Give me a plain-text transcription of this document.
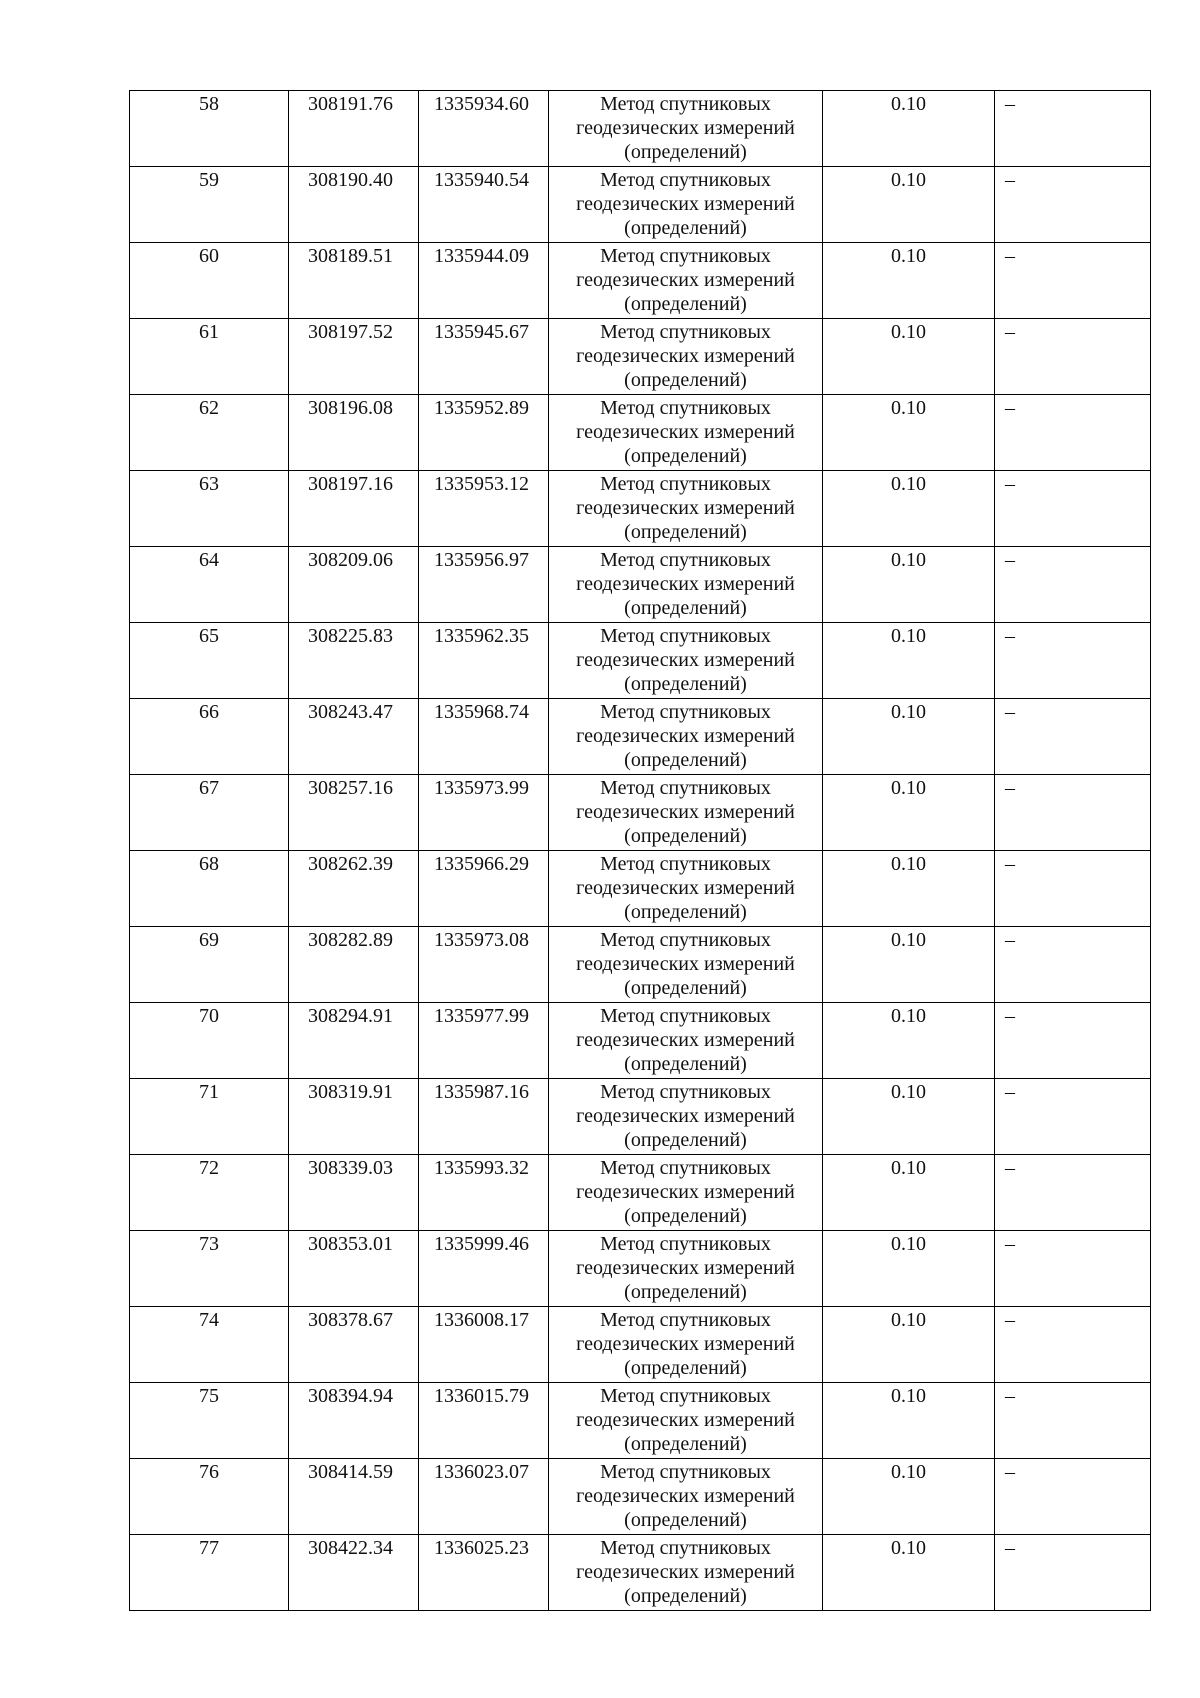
58	308191.76	1335934.60	Метод спутниковых
геодезических измерений
(определений)	0.10	–
59	308190.40	1335940.54	Метод спутниковых
геодезических измерений
(определений)	0.10	–
60	308189.51	1335944.09	Метод спутниковых
геодезических измерений
(определений)	0.10	–
61	308197.52	1335945.67	Метод спутниковых
геодезических измерений
(определений)	0.10	–
62	308196.08	1335952.89	Метод спутниковых
геодезических измерений
(определений)	0.10	–
63	308197.16	1335953.12	Метод спутниковых
геодезических измерений
(определений)	0.10	–
64	308209.06	1335956.97	Метод спутниковых
геодезических измерений
(определений)	0.10	–
65	308225.83	1335962.35	Метод спутниковых
геодезических измерений
(определений)	0.10	–
66	308243.47	1335968.74	Метод спутниковых
геодезических измерений
(определений)	0.10	–
67	308257.16	1335973.99	Метод спутниковых
геодезических измерений
(определений)	0.10	–
68	308262.39	1335966.29	Метод спутниковых
геодезических измерений
(определений)	0.10	–
69	308282.89	1335973.08	Метод спутниковых
геодезических измерений
(определений)	0.10	–
70	308294.91	1335977.99	Метод спутниковых
геодезических измерений
(определений)	0.10	–
71	308319.91	1335987.16	Метод спутниковых
геодезических измерений
(определений)	0.10	–
72	308339.03	1335993.32	Метод спутниковых
геодезических измерений
(определений)	0.10	–
73	308353.01	1335999.46	Метод спутниковых
геодезических измерений
(определений)	0.10	–
74	308378.67	1336008.17	Метод спутниковых
геодезических измерений
(определений)	0.10	–
75	308394.94	1336015.79	Метод спутниковых
геодезических измерений
(определений)	0.10	–
76	308414.59	1336023.07	Метод спутниковых
геодезических измерений
(определений)	0.10	–
77	308422.34	1336025.23	Метод спутниковых
геодезических измерений
(определений)	0.10	–
